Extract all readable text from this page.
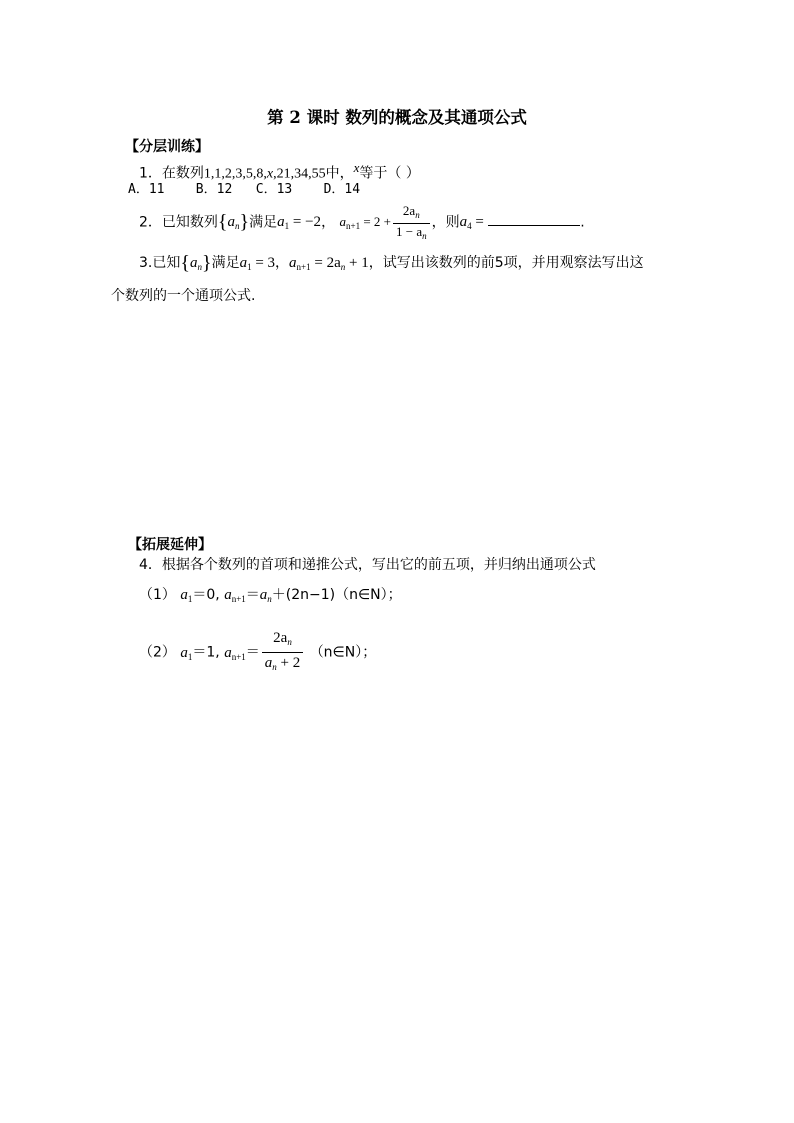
第 2 课时 数列的概念及其通项公式
【分层训练】
1．在数列1,1,2,3,5,8,x,21,34,55中，$^x$等于（ ）
A．11 B．12 C．13 D．14
2．已知数列$\{a_n\}$满足$a_1 = -2$， $a_{n+1} = 2 + \frac{2a_n}{1 - a_n}$ ，则$a_4$ =	.
3.已知$\{a_n\}$满足$a_1 = 3$，$a_{n+1} = 2a_n + 1$，试写出该数列的前5项，并用观察法写出这
个数列的一个通项公式.
【拓展延伸】
4．根据各个数列的首项和递推公式，写出它的前五项，并归纳出通项公式
（1） $a_1=0$, $a_{n+1}=a_n+(2n-1)(n\in N)$；
（2） $a_1=1$, $a_{n+1}= \frac{2a_n}{a_n + 2}$ （n∈N）；
